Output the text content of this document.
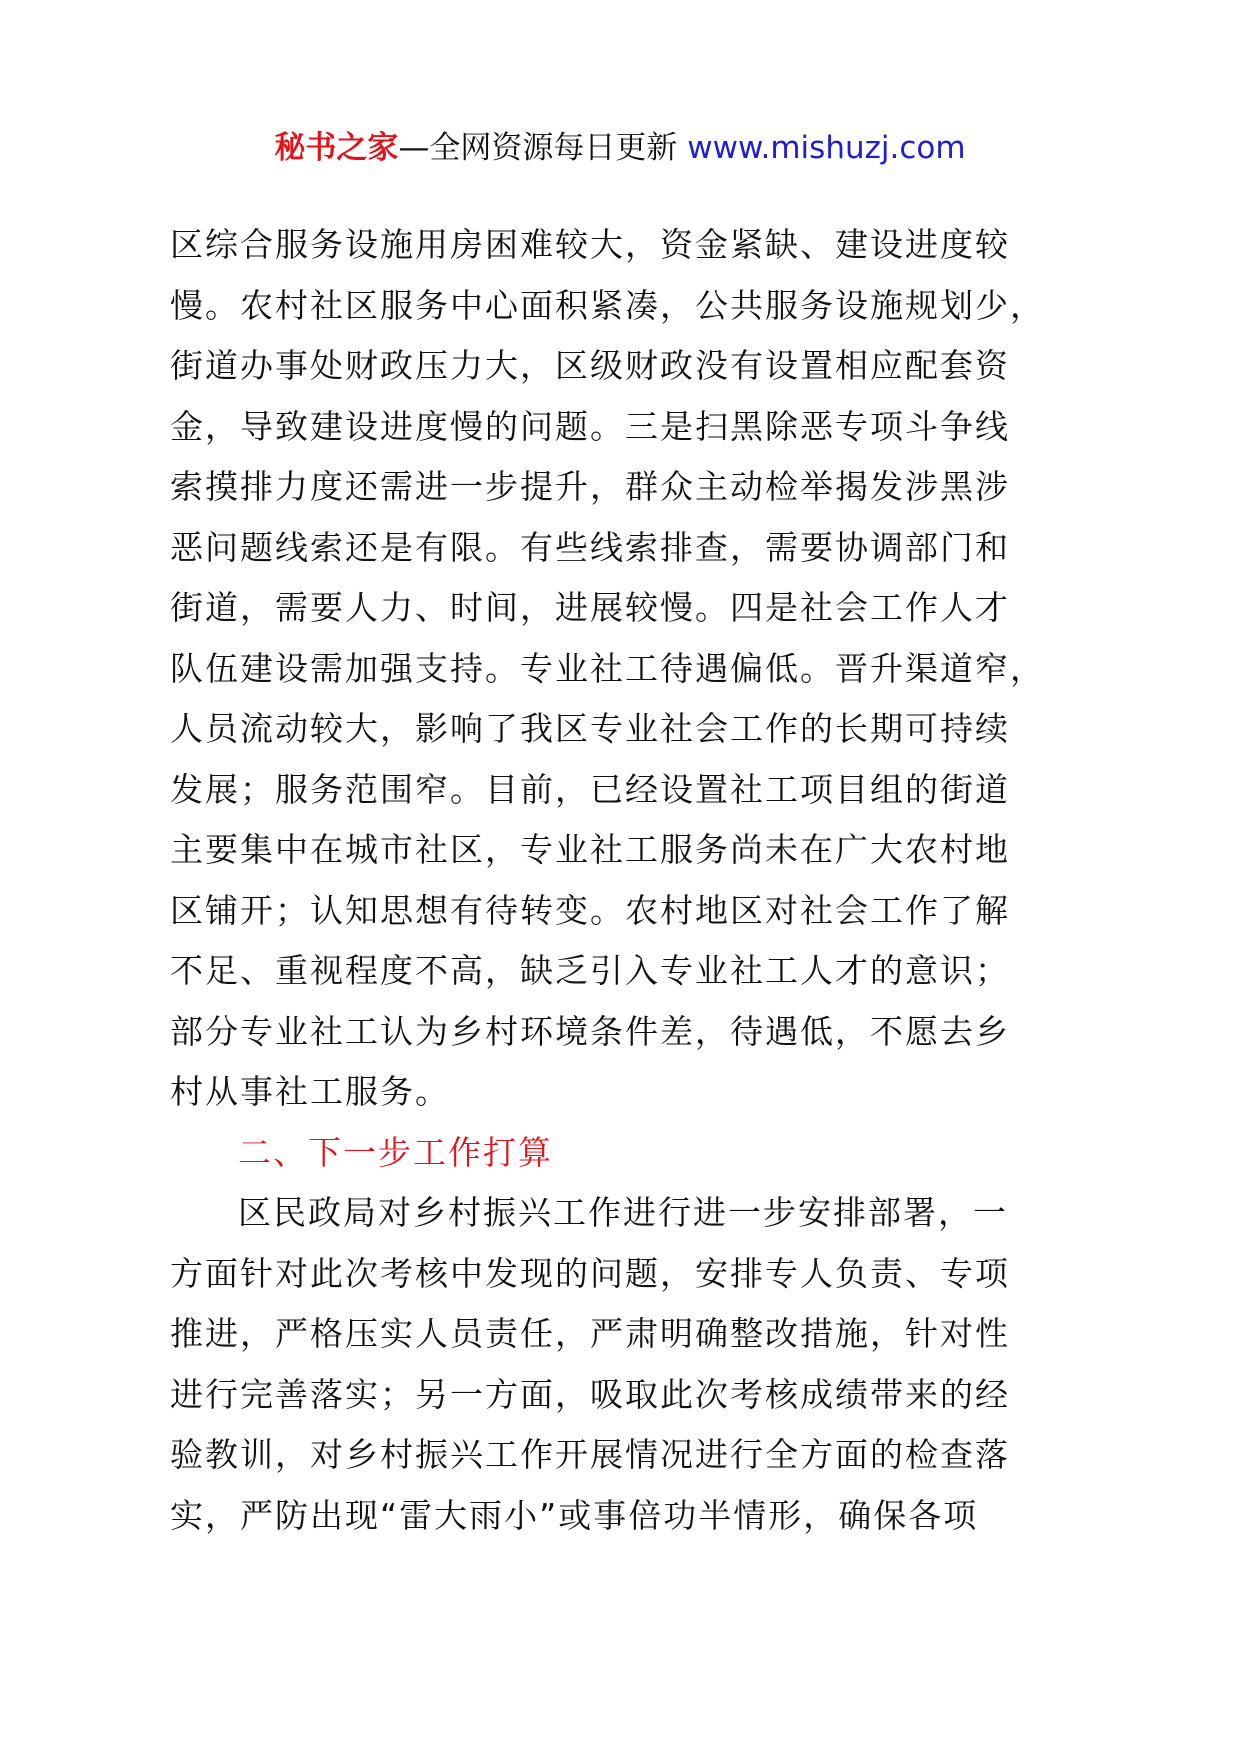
秘书之家—全网资源每日更新 www.mishuzj.com
区综合服务设施用房困难较大，资金紧缺、建设进度较
慢。农村社区服务中心面积紧凑，公共服务设施规划少，
街道办事处财政压力大，区级财政没有设置相应配套资
金，导致建设进度慢的问题。三是扫黑除恶专项斗争线
索摸排力度还需进一步提升，群众主动检举揭发涉黑涉
恶问题线索还是有限。有些线索排查，需要协调部门和
街道，需要人力、时间，进展较慢。四是社会工作人才
队伍建设需加强支持。专业社工待遇偏低。晋升渠道窄，
人员流动较大，影响了我区专业社会工作的长期可持续
发展；服务范围窄。目前，已经设置社工项目组的街道
主要集中在城市社区，专业社工服务尚未在广大农村地
区铺开；认知思想有待转变。农村地区对社会工作了解
不足、重视程度不高，缺乏引入专业社工人才的意识；
部分专业社工认为乡村环境条件差，待遇低，不愿去乡
村从事社工服务。
二、下一步工作打算
区民政局对乡村振兴工作进行进一步安排部署，一
方面针对此次考核中发现的问题，安排专人负责、专项
推进，严格压实人员责任，严肃明确整改措施，针对性
进行完善落实；另一方面，吸取此次考核成绩带来的经
验教训，对乡村振兴工作开展情况进行全方面的检查落
实，严防出现“雷大雨小”或事倍功半情形，确保各项
